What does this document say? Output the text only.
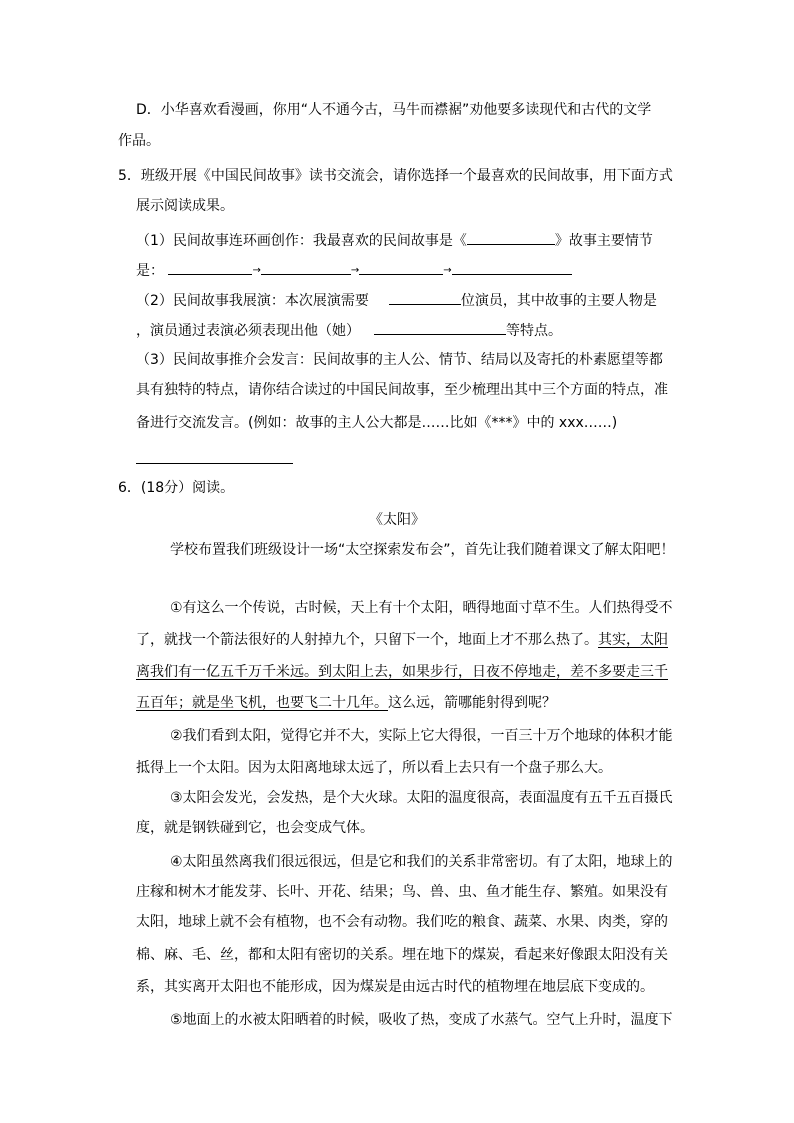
D．小华喜欢看漫画，你用“人不通今古，马牛而襟裾”劝他要多读现代和古代的文学
作品。
5．班级开展《中国民间故事》读书交流会，请你选择一个最喜欢的民间故事，用下面方式
展示阅读成果。
（1）民间故事连环画创作：我最喜欢的民间故事是《	》故事主要情节
是：	→	→	→
（2）民间故事我展演：本次展演需要	位演员，其中故事的主要人物是
，演员通过表演必须表现出他（她）	等特点。
（3）民间故事推介会发言：民间故事的主人公、情节、结局以及寄托的朴素愿望等都
具有独特的特点，请你结合读过的中国民间故事，至少梳理出其中三个方面的特点，准
备进行交流发言。(例如：故事的主人公大都是……比如《***》中的 xxx……)
6．(18分）阅读。
《太阳》
学校布置我们班级设计一场“太空探索发布会”，首先让我们随着课文了解太阳吧！
①有这么一个传说，古时候，天上有十个太阳，晒得地面寸草不生。人们热得受不
了，就找一个箭法很好的人射掉九个，只留下一个，地面上才不那么热了。其实，太阳
离我们有一亿五千万千米远。到太阳上去，如果步行，日夜不停地走，差不多要走三千
五百年；就是坐飞机，也要飞二十几年。这么远，箭哪能射得到呢？
②我们看到太阳，觉得它并不大，实际上它大得很，一百三十万个地球的体积才能
抵得上一个太阳。因为太阳离地球太远了，所以看上去只有一个盘子那么大。
③太阳会发光，会发热，是个大火球。太阳的温度很高，表面温度有五千五百摄氏
度，就是钢铁碰到它，也会变成气体。
④太阳虽然离我们很远很远，但是它和我们的关系非常密切。有了太阳，地球上的
庄稼和树木才能发芽、长叶、开花、结果；鸟、兽、虫、鱼才能生存、繁殖。如果没有
太阳，地球上就不会有植物，也不会有动物。我们吃的粮食、蔬菜、水果、肉类，穿的
棉、麻、毛、丝，都和太阳有密切的关系。埋在地下的煤炭，看起来好像跟太阳没有关
系，其实离开太阳也不能形成，因为煤炭是由远古时代的植物埋在地层底下变成的。
⑤地面上的水被太阳晒着的时候，吸收了热，变成了水蒸气。空气上升时，温度下
